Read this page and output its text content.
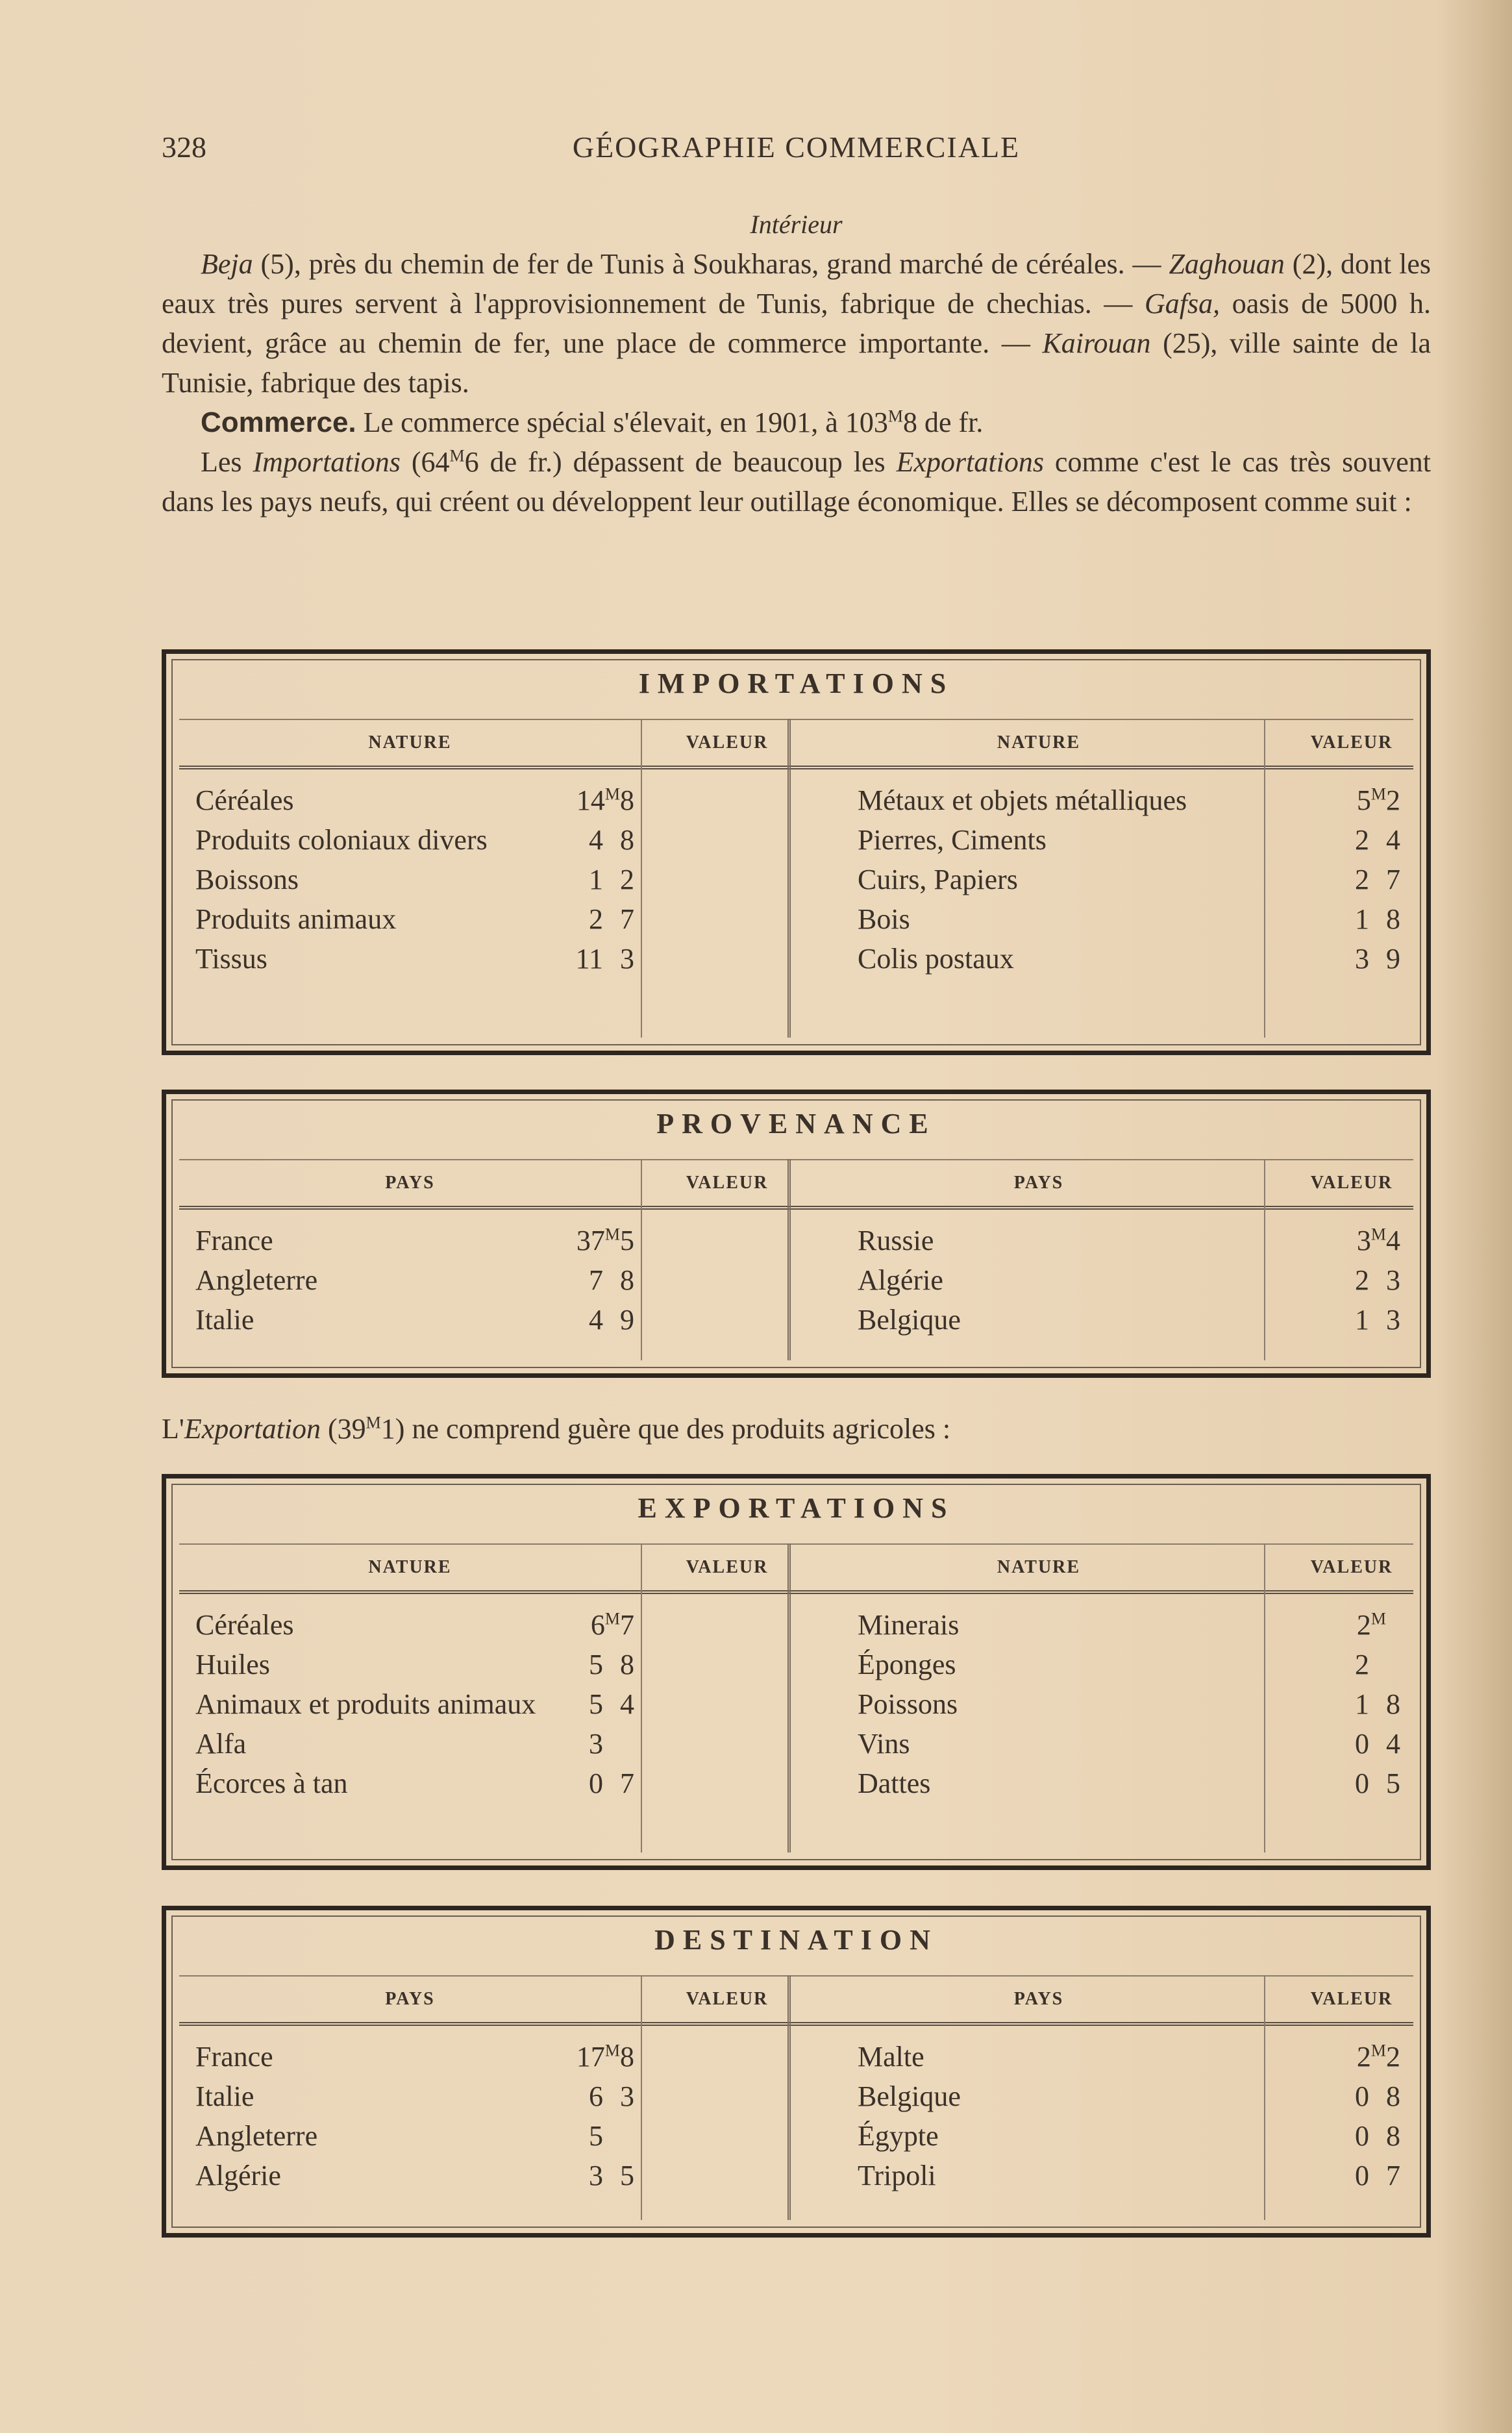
328	GÉOGRAPHIE COMMERCIALE
Intérieur
Beja (5), près du chemin de fer de Tunis à Soukharas, grand marché de céréales. — Zaghouan (2), dont les eaux très pures servent à l'approvisionnement de Tunis, fabrique de chechias. — Gafsa, oasis de 5000 h. devient, grâce au chemin de fer, une place de commerce importante. — Kairouan (25), ville sainte de la Tunisie, fabrique des tapis.
Commerce. Le commerce spécial s'élevait, en 1901, à $103^M8$ de fr.
Les Importations ($64^M6$ de fr.) dépassent de beaucoup les Exportations comme c'est le cas très souvent dans les pays neufs, qui créent ou développent leur outillage économique. Elles se décomposent comme suit :
L'Exportation $(39^M1)$ ne comprend guère que des produits agricoles :
IMPORTATIONS
NATURE	VALEUR	NATURE	VALEUR
Céréales	$14^M8$	Métaux et objets métalliques	$5^M2$
Produits coloniaux divers	4 8	Pierres, Ciments	2 4
Boissons	1 2	Cuirs, Papiers	2 7
Produits animaux	2 7	Bois	1 8
Tissus	11 3	Colis postaux	3 9
PROVENANCE
PAYS	VALEUR	PAYS	VALEUR
France	$37^M5$	Russie	$3^M4$
Angleterre	7 8	Algérie	2 3
Italie	4 9	Belgique	1 3
EXPORTATIONS
NATURE	VALEUR	NATURE	VALEUR
Céréales	$6^M7$	Minerais	$2^M$
Huiles	5 8	Éponges	2
Animaux et produits animaux 5 4	Poissons	1 8
Alfa	3	Vins	0 4
Écorces à tan	0 7	Dattes	0 5
DESTINATION
PAYS	VALEUR	PAYS	VALEUR
France	$17^M8$	Malte	$2^M2$
Italie	6 3	Belgique	0 8
Angleterre	5	Égypte	0 8
Algérie	3 5	Tripoli	0 7
